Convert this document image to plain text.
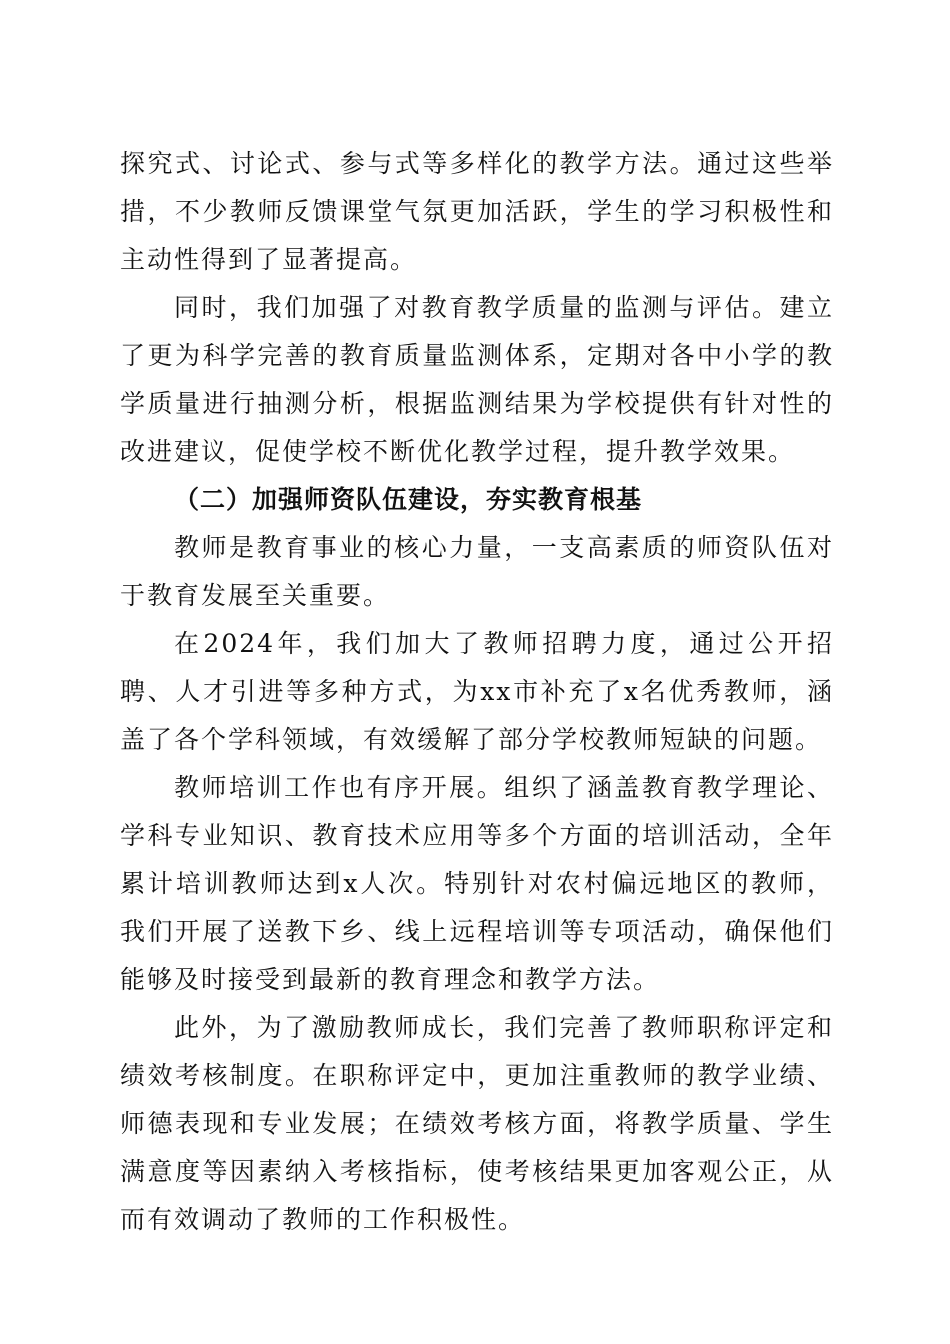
探究式、讨论式、参与式等多样化的教学方法。通过这些举措，不少教师反馈课堂气氛更加活跃，学生的学习积极性和主动性得到了显著提高。

同时，我们加强了对教育教学质量的监测与评估。建立了更为科学完善的教育质量监测体系，定期对各中小学的教学质量进行抽测分析，根据监测结果为学校提供有针对性的改进建议，促使学校不断优化教学过程，提升教学效果。

（二）加强师资队伍建设，夯实教育根基

教师是教育事业的核心力量，一支高素质的师资队伍对于教育发展至关重要。

在2024年，我们加大了教师招聘力度，通过公开招聘、人才引进等多种方式，为xx市补充了x名优秀教师，涵盖了各个学科领域，有效缓解了部分学校教师短缺的问题。

教师培训工作也有序开展。组织了涵盖教育教学理论、学科专业知识、教育技术应用等多个方面的培训活动，全年累计培训教师达到x人次。特别针对农村偏远地区的教师，我们开展了送教下乡、线上远程培训等专项活动，确保他们能够及时接受到最新的教育理念和教学方法。

此外，为了激励教师成长，我们完善了教师职称评定和绩效考核制度。在职称评定中，更加注重教师的教学业绩、师德表现和专业发展；在绩效考核方面，将教学质量、学生满意度等因素纳入考核指标，使考核结果更加客观公正，从而有效调动了教师的工作积极性。
